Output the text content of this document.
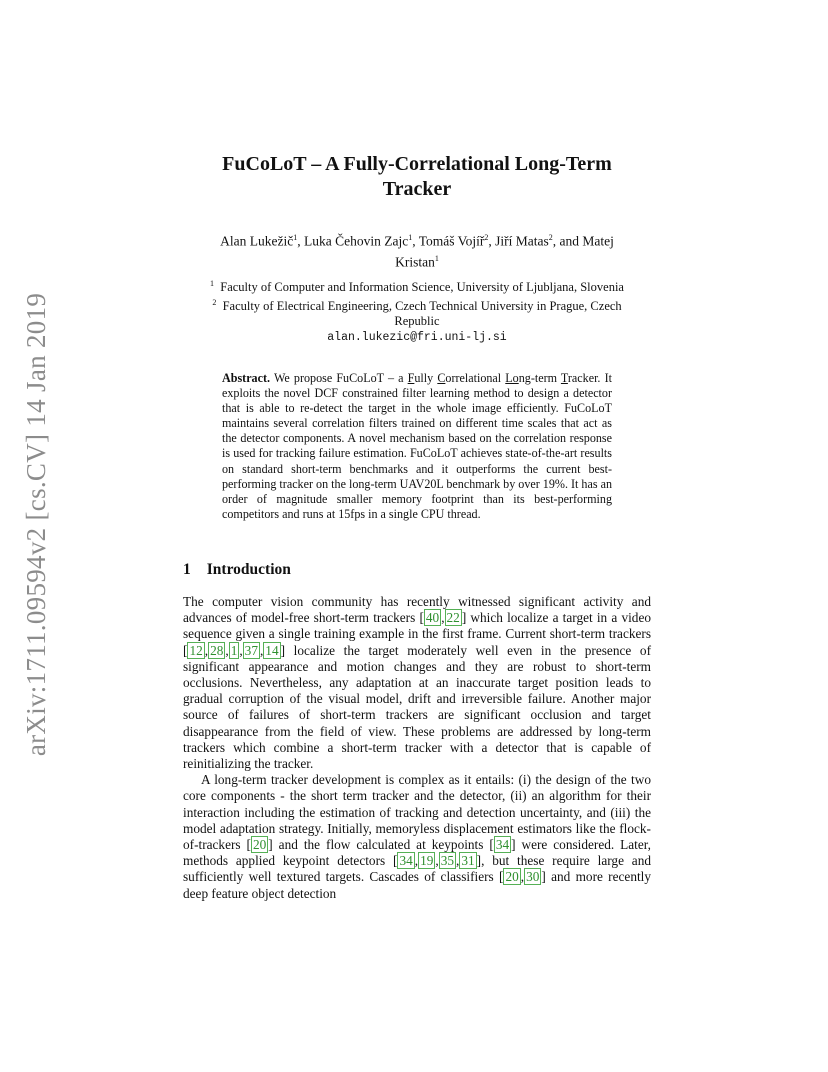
arXiv:1711.09594v2 [cs.CV] 14 Jan 2019
FuCoLoT – A Fully-Correlational Long-Term
Tracker
Alan Lukežič$^1$, Luka Čehovin Zajc$^1$, Tomáš Vojíř$^2$, Jiří Matas$^2$, and Matej
Kristan$^1$
$^1$ Faculty of Computer and Information Science, University of Ljubljana, Slovenia
$^2$ Faculty of Electrical Engineering, Czech Technical University in Prague, Czech
Republic
alan.lukezic@fri.uni-lj.si
Abstract. We propose FuCoLoT – a Fully Correlational Long-term Tracker. It exploits the novel DCF constrained filter learning method to design a detector that is able to re-detect the target in the whole image efficiently. FuCoLoT maintains several correlation filters trained on different time scales that act as the detector components. A novel mechanism based on the correlation response is used for tracking failure estimation. FuCoLoT achieves state-of-the-art results on standard short-term benchmarks and it outperforms the current best-performing tracker on the long-term UAV20L benchmark by over 19%. It has an order of magnitude smaller memory footprint than its best-performing competitors and runs at 15fps in a single CPU thread.
1 Introduction

The computer vision community has recently witnessed significant activity and advances of model-free short-term trackers [ 40 , 22 ] which localize a target in a video sequence given a single training example in the first frame. Current short-term trackers [ 12 , 28 , 1 , 37 , 14 ] localize the target moderately well even in the presence of significant appearance and motion changes and they are robust to short-term occlusions. Nevertheless, any adaptation at an inaccurate target position leads to gradual corruption of the visual model, drift and irreversible failure. Another major source of failures of short-term trackers are significant occlusion and target disappearance from the field of view. These problems are addressed by long-term trackers which combine a short-term tracker with a detector that is capable of reinitializing the tracker.

A long-term tracker development is complex as it entails: (i) the design of the two core components - the short term tracker and the detector, (ii) an algorithm for their interaction including the estimation of tracking and detection uncertainty, and (iii) the model adaptation strategy. Initially, memoryless displacement estimators like the flock-of-trackers [ 20 ] and the flow calculated at keypoints [ 34 ] were considered. Later, methods applied keypoint detectors [ 34 , 19 , 35 , 31 ], but these require large and sufficiently well textured targets. Cascades of classifiers [ 20 , 30 ] and more recently deep feature object detection
